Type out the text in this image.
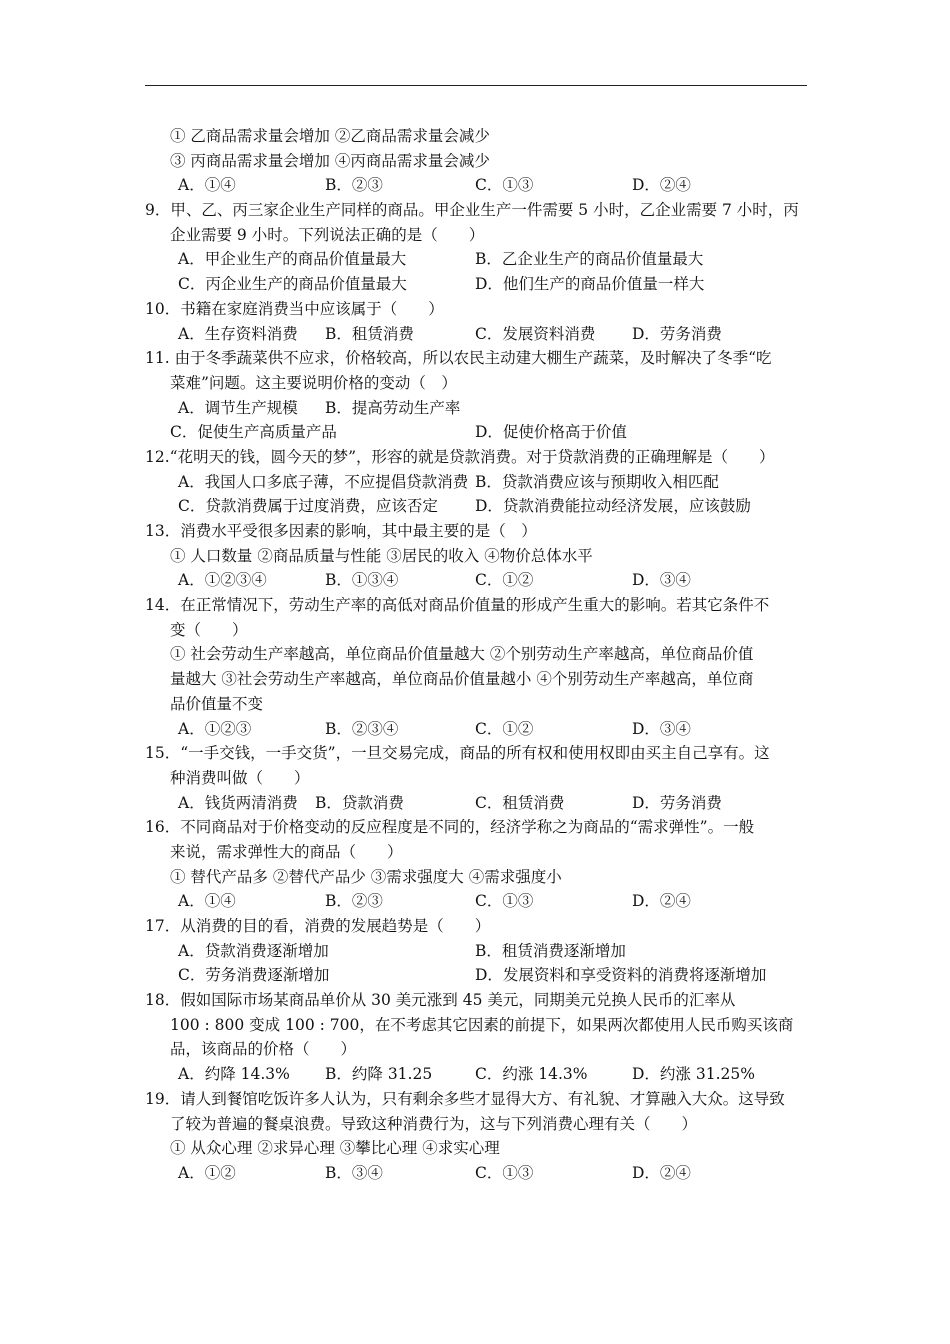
① 乙商品需求量会增加 ②乙商品需求量会减少
③ 丙商品需求量会增加 ④丙商品需求量会减少
A．①④	B．②③	C．①③	D．②④
9．甲、乙、丙三家企业生产同样的商品。甲企业生产一件需要 5 小时，乙企业需要 7 小时，丙
企业需要 9 小时。下列说法正确的是（　　）
A．甲企业生产的商品价值量最大	B．乙企业生产的商品价值量最大
C．丙企业生产的商品价值量最大	D．他们生产的商品价值量一样大
10．书籍在家庭消费当中应该属于（　　）
A．生存资料消费 B．租赁消费	C．发展资料消费 D．劳务消费
11. 由于冬季蔬菜供不应求，价格较高，所以农民主动建大棚生产蔬菜，及时解决了冬季“吃
菜难”问题。这主要说明价格的变动（　）
A．调节生产规模 B．提高劳动生产率
C．促使生产高质量产品	D．促使价格高于价值
12.“花明天的钱，圆今天的梦”，形容的就是贷款消费。对于贷款消费的正确理解是（　　）
A．我国人口多底子薄，不应提倡贷款消费 B．贷款消费应该与预期收入相匹配
C．贷款消费属于过度消费，应该否定 D．贷款消费能拉动经济发展，应该鼓励
13．消费水平受很多因素的影响，其中最主要的是（　）
① 人口数量 ②商品质量与性能 ③居民的收入 ④物价总体水平
A．①②③④	B．①③④	C．①②	D．③④
14．在正常情况下，劳动生产率的高低对商品价值量的形成产生重大的影响。若其它条件不
变（　　）
① 社会劳动生产率越高，单位商品价值量越大 ②个别劳动生产率越高，单位商品价值
量越大 ③社会劳动生产率越高，单位商品价值量越小 ④个别劳动生产率越高，单位商
品价值量不变
A．①②③	B．②③④	C．①②	D．③④
15．“一手交钱，一手交货”，一旦交易完成，商品的所有权和使用权即由买主自己享有。这
种消费叫做（　　）
A．钱货两清消费 B．贷款消费	C．租赁消费	D．劳务消费
16．不同商品对于价格变动的反应程度是不同的，经济学称之为商品的“需求弹性”。一般
来说，需求弹性大的商品（　　）
① 替代产品多 ②替代产品少 ③需求强度大 ④需求强度小
A．①④	B．②③	C．①③	D．②④
17．从消费的目的看，消费的发展趋势是（　　）
A．贷款消费逐渐增加	B．租赁消费逐渐增加
C．劳务消费逐渐增加	D．发展资料和享受资料的消费将逐渐增加
18．假如国际市场某商品单价从 30 美元涨到 45 美元，同期美元兑换人民币的汇率从
100 : 800 变成 100 : 700，在不考虑其它因素的前提下，如果两次都使用人民币购买该商
品，该商品的价格（　　）
A．约降 14.3% B．约降 31.25	C．约涨 14.3%	D．约涨 31.25%
19．请人到餐馆吃饭许多人认为，只有剩余多些才显得大方、有礼貌、才算融入大众。这导致
了较为普遍的餐桌浪费。导致这种消费行为，这与下列消费心理有关（　　）
① 从众心理 ②求异心理 ③攀比心理 ④求实心理
A．①②	B．③④	C．①③	D．②④
